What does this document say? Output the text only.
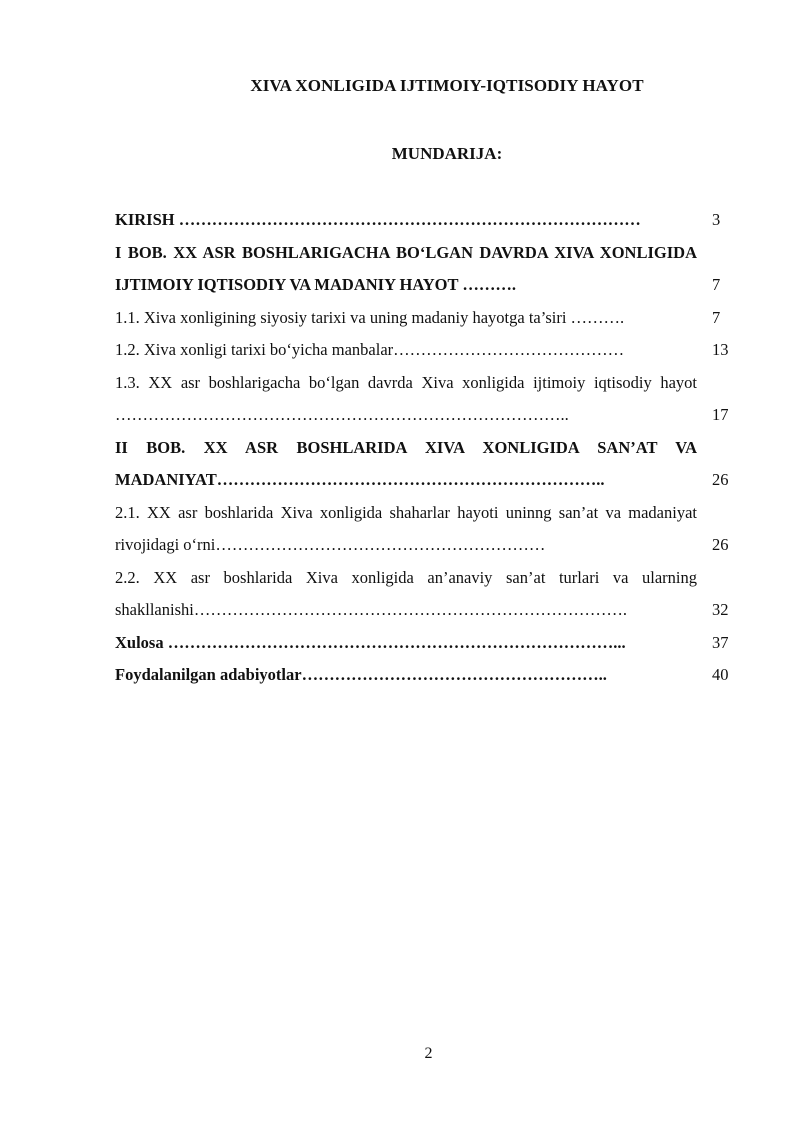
XIVA XONLIGIDA IJTIMOIY-IQTISODIY HAYOT
MUNDARIJA:
KIRISH …………………………………………………………………………	3
I BOB. XX ASR BOSHLARIGACHA BO‘LGAN DAVRDA XIVA XONLIGIDA IJTIMOIY IQTISODIY VA MADANIY HAYOT ……….	7
1.1. Xiva xonligining siyosiy tarixi va uning madaniy hayotga ta’siri ……….	7
1.2. Xiva xonligi tarixi bo‘yicha manbalar……………………………………	13
1.3. XX asr boshlarigacha bo‘lgan davrda Xiva xonligida ijtimoiy iqtisodiy hayot ………………………………………………………………………..	17
II BOB. XX ASR BOSHLARIDA XIVA XONLIGIDA SAN’AT VA MADANIYAT……………………………………………………………..	26
2.1. XX asr boshlarida Xiva xonligida shaharlar hayoti uninng san’at va madaniyat rivojidagi o‘rni……………………………………………………	26
2.2. XX asr boshlarida Xiva xonligida an’anaviy san’at turlari va ularning shakllanishi…………………………………………………………………….	32
Xulosa ………………………………………………………………………...	37
Foydalanilgan adabiyotlar………………………………………………..	40
2
